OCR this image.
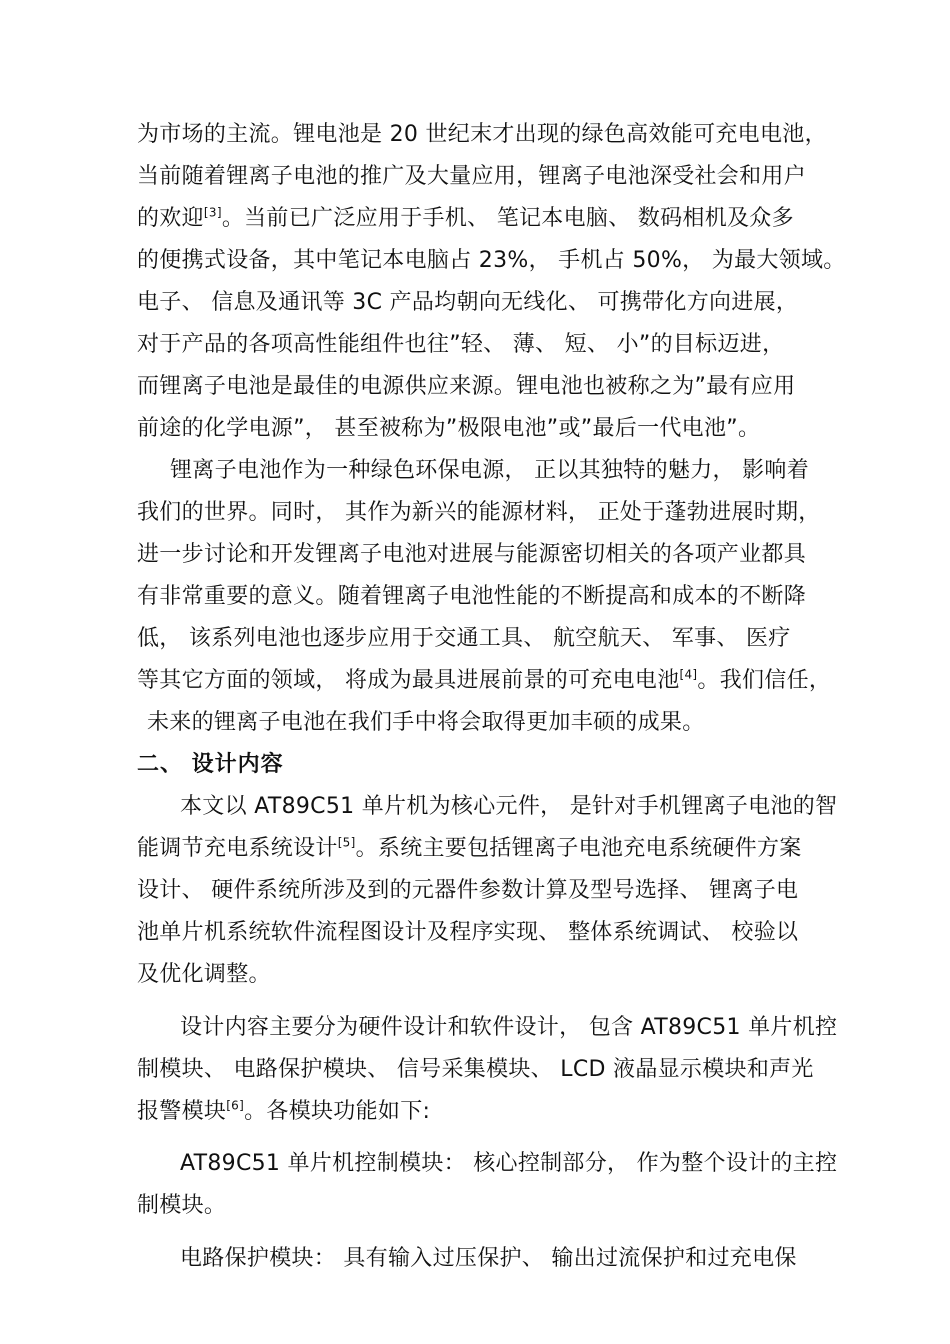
为市场的主流。锂电池是 20 世纪末才出现的绿色高效能可充电电池，
当前随着锂离子电池的推广及大量应用，锂离子电池深受社会和用户
的欢迎[3]。当前已广泛应用于手机、 笔记本电脑、 数码相机及众多
的便携式设备，其中笔记本电脑占 23%， 手机占 50%， 为最大领域。
电子、 信息及通讯等 3C 产品均朝向无线化、 可携带化方向进展，
对于产品的各项高性能组件也往”轻、 薄、 短、 小”的目标迈进，
而锂离子电池是最佳的电源供应来源。锂电池也被称之为”最有应用
前途的化学电源”， 甚至被称为”极限电池”或”最后一代电池”。
锂离子电池作为一种绿色环保电源， 正以其独特的魅力， 影响着
我们的世界。同时， 其作为新兴的能源材料， 正处于蓬勃进展时期，
进一步讨论和开发锂离子电池对进展与能源密切相关的各项产业都具
有非常重要的意义。随着锂离子电池性能的不断提高和成本的不断降
低， 该系列电池也逐步应用于交通工具、 航空航天、 军事、 医疗
等其它方面的领域， 将成为最具进展前景的可充电电池[4]。我们信任，
未来的锂离子电池在我们手中将会取得更加丰硕的成果。
二、 设计内容
本文以 AT89C51 单片机为核心元件， 是针对手机锂离子电池的智
能调节充电系统设计[5]。系统主要包括锂离子电池充电系统硬件方案
设计、 硬件系统所涉及到的元器件参数计算及型号选择、 锂离子电
池单片机系统软件流程图设计及程序实现、 整体系统调试、 校验以
及优化调整。
设计内容主要分为硬件设计和软件设计， 包含 AT89C51 单片机控
制模块、 电路保护模块、 信号采集模块、 LCD 液晶显示模块和声光
报警模块[6]。各模块功能如下:
AT89C51 单片机控制模块： 核心控制部分， 作为整个设计的主控
制模块。
电路保护模块： 具有输入过压保护、 输出过流保护和过充电保
